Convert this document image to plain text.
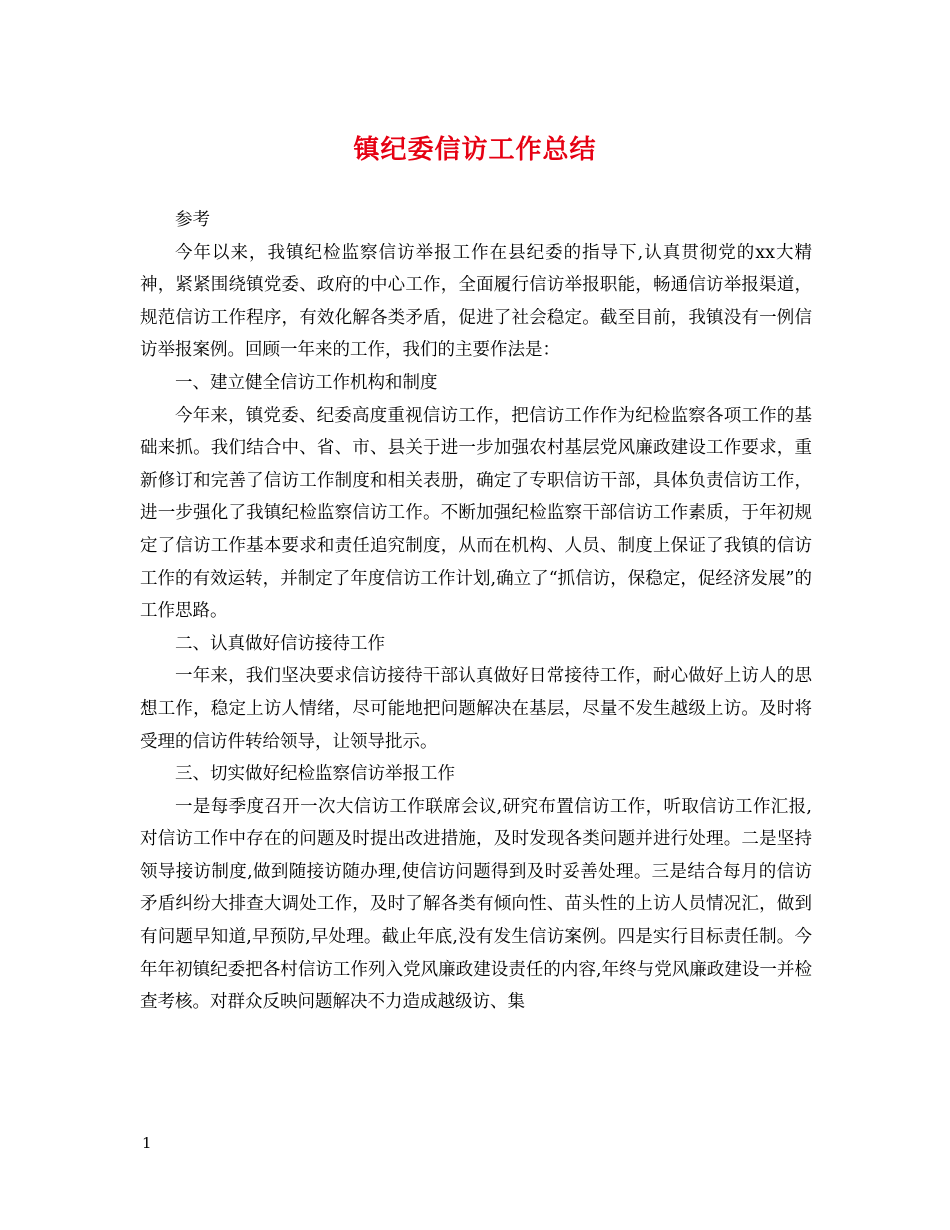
镇纪委信访工作总结

参考

今年以来，我镇纪检监察信访举报工作在县纪委的指导下,认真贯彻党的xx大精神，紧紧围绕镇党委、政府的中心工作，全面履行信访举报职能，畅通信访举报渠道，规范信访工作程序，有效化解各类矛盾，促进了社会稳定。截至目前，我镇没有一例信访举报案例。回顾一年来的工作，我们的主要作法是：

一、建立健全信访工作机构和制度

今年来，镇党委、纪委高度重视信访工作，把信访工作作为纪检监察各项工作的基础来抓。我们结合中、省、市、县关于进一步加强农村基层党风廉政建设工作要求，重新修订和完善了信访工作制度和相关表册，确定了专职信访干部，具体负责信访工作，进一步强化了我镇纪检监察信访工作。不断加强纪检监察干部信访工作素质，于年初规定了信访工作基本要求和责任追究制度，从而在机构、人员、制度上保证了我镇的信访工作的有效运转，并制定了年度信访工作计划,确立了“抓信访，保稳定，促经济发展”的工作思路。

二、认真做好信访接待工作

一年来，我们坚决要求信访接待干部认真做好日常接待工作，耐心做好上访人的思想工作，稳定上访人情绪，尽可能地把问题解决在基层，尽量不发生越级上访。及时将受理的信访件转给领导，让领导批示。

三、切实做好纪检监察信访举报工作

一是每季度召开一次大信访工作联席会议,研究布置信访工作，听取信访工作汇报,对信访工作中存在的问题及时提出改进措施，及时发现各类问题并进行处理。二是坚持领导接访制度,做到随接访随办理,使信访问题得到及时妥善处理。三是结合每月的信访矛盾纠纷大排查大调处工作，及时了解各类有倾向性、苗头性的上访人员情况汇，做到有问题早知道,早预防,早处理。截止年底,没有发生信访案例。四是实行目标责任制。今年年初镇纪委把各村信访工作列入党风廉政建设责任的内容,年终与党风廉政建设一并检查考核。对群众反映问题解决不力造成越级访、集

1
